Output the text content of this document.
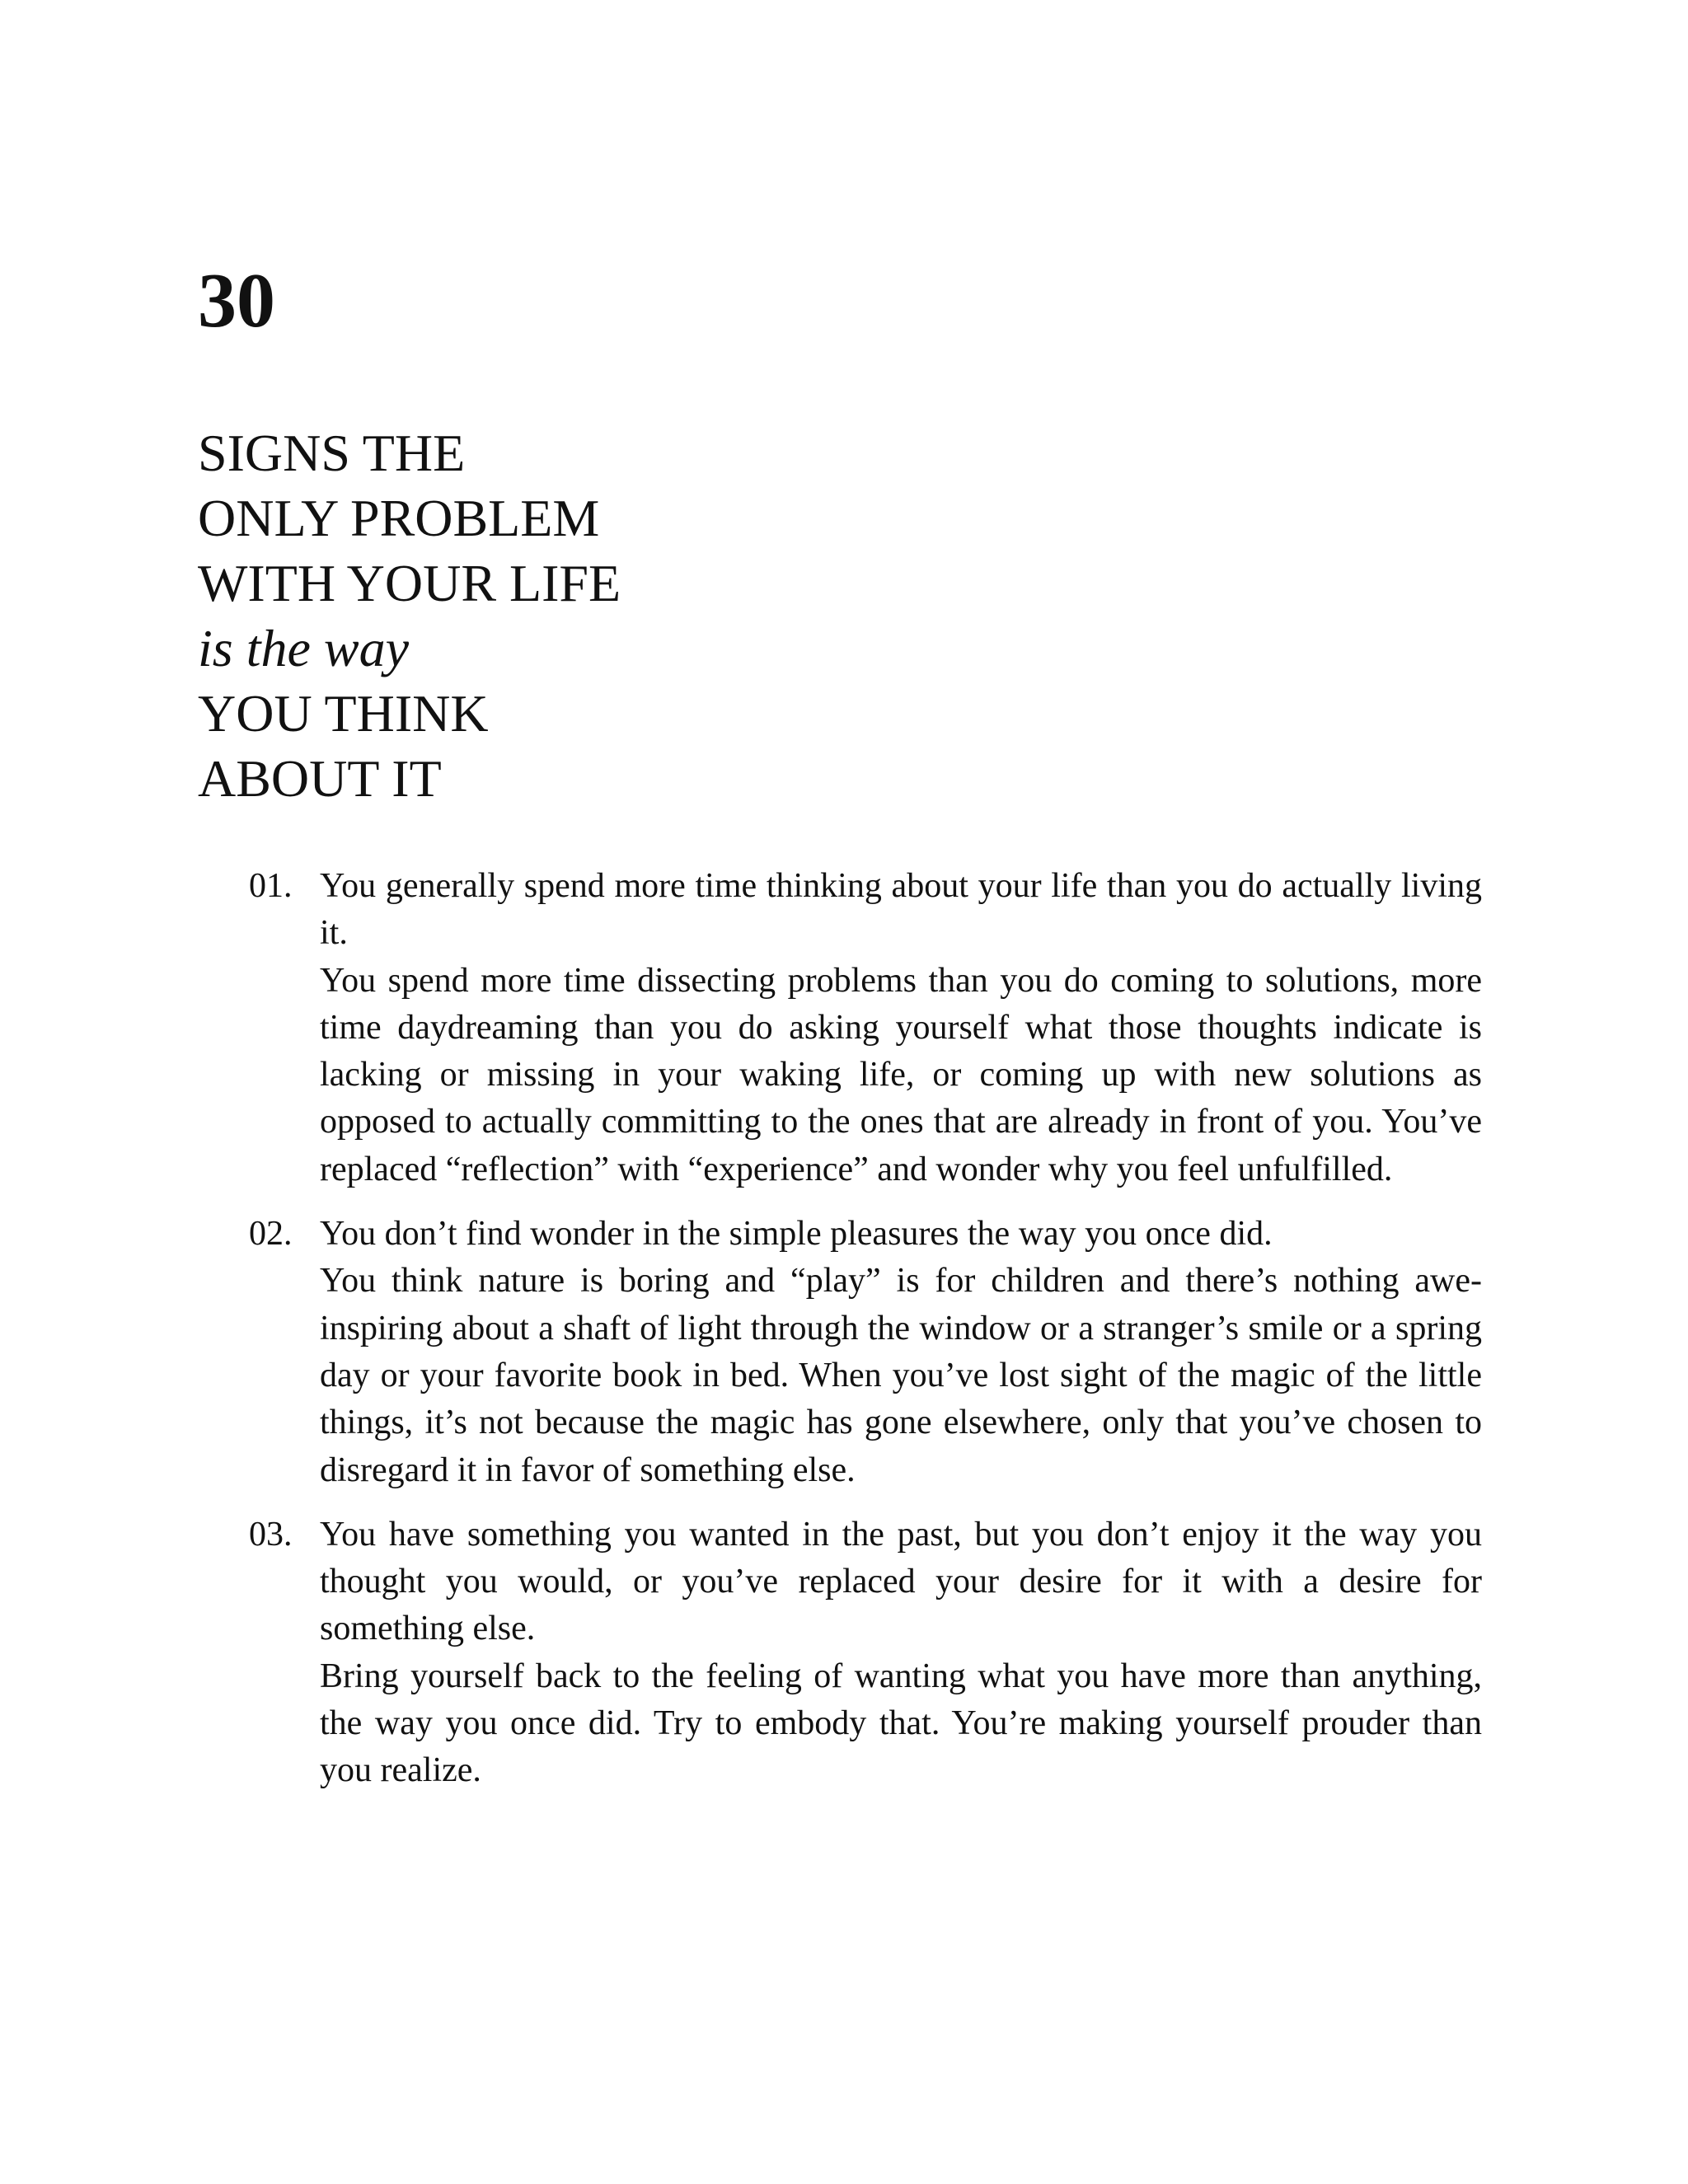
30
SIGNS THE
ONLY PROBLEM
WITH YOUR LIFE
is the way
YOU THINK
ABOUT IT
01. You generally spend more time thinking about your life than you do actually living it.

You spend more time dissecting problems than you do coming to solutions, more time daydreaming than you do asking yourself what those thoughts indicate is lacking or missing in your waking life, or coming up with new solutions as opposed to actually committing to the ones that are already in front of you. You’ve replaced “reflection” with “experience” and wonder why you feel unfulfilled.

02. You don’t find wonder in the simple pleasures the way you once did.

You think nature is boring and “play” is for children and there’s nothing awe-inspiring about a shaft of light through the window or a stranger’s smile or a spring day or your favorite book in bed. When you’ve lost sight of the magic of the little things, it’s not because the magic has gone elsewhere, only that you’ve chosen to disregard it in favor of something else.

03. You have something you wanted in the past, but you don’t enjoy it the way you thought you would, or you’ve replaced your desire for it with a desire for something else.

Bring yourself back to the feeling of wanting what you have more than anything, the way you once did. Try to embody that. You’re making yourself prouder than you realize.
